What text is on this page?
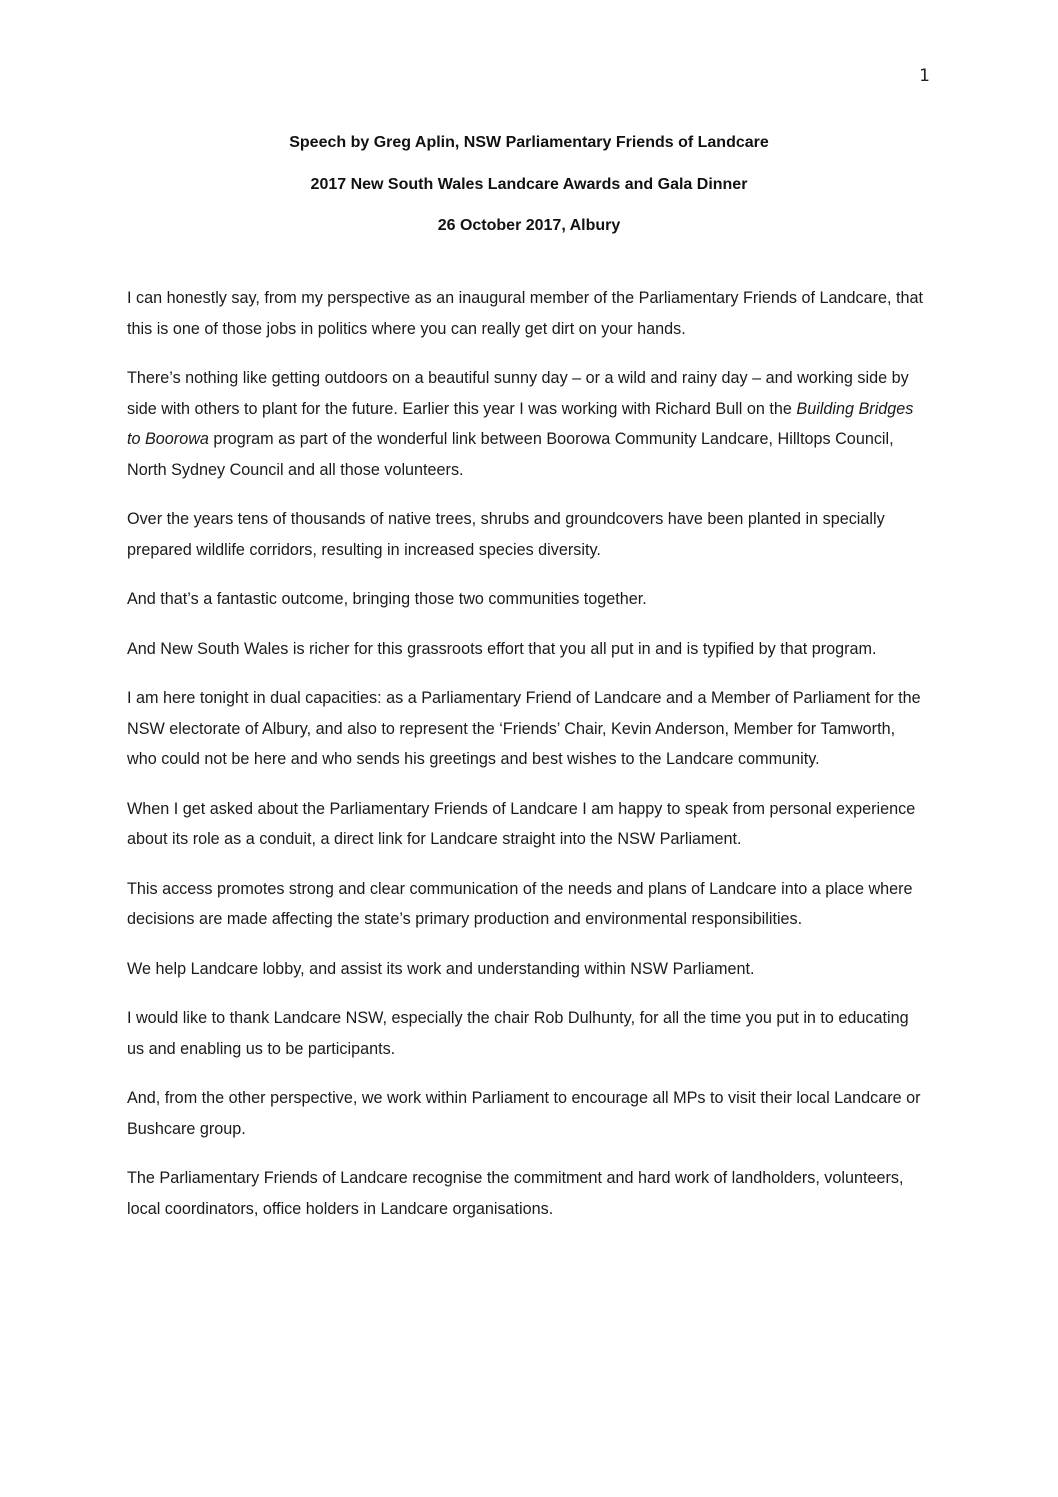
1
Speech by Greg Aplin, NSW Parliamentary Friends of Landcare
2017 New South Wales Landcare Awards and Gala Dinner
26 October 2017, Albury

I can honestly say, from my perspective as an inaugural member of the Parliamentary Friends of Landcare, that this is one of those jobs in politics where you can really get dirt on your hands.

There’s nothing like getting outdoors on a beautiful sunny day – or a wild and rainy day – and working side by side with others to plant for the future. Earlier this year I was working with Richard Bull on the Building Bridges to Boorowa program as part of the wonderful link between Boorowa Community Landcare, Hilltops Council, North Sydney Council and all those volunteers.

Over the years tens of thousands of native trees, shrubs and groundcovers have been planted in specially prepared wildlife corridors, resulting in increased species diversity.

And that’s a fantastic outcome, bringing those two communities together.

And New South Wales is richer for this grassroots effort that you all put in and is typified by that program.

I am here tonight in dual capacities: as a Parliamentary Friend of Landcare and a Member of Parliament for the NSW electorate of Albury, and also to represent the ‘Friends’ Chair, Kevin Anderson, Member for Tamworth, who could not be here and who sends his greetings and best wishes to the Landcare community.

When I get asked about the Parliamentary Friends of Landcare I am happy to speak from personal experience about its role as a conduit, a direct link for Landcare straight into the NSW Parliament.

This access promotes strong and clear communication of the needs and plans of Landcare into a place where decisions are made affecting the state’s primary production and environmental responsibilities.

We help Landcare lobby, and assist its work and understanding within NSW Parliament.

I would like to thank Landcare NSW, especially the chair Rob Dulhunty, for all the time you put in to educating us and enabling us to be participants.

And, from the other perspective, we work within Parliament to encourage all MPs to visit their local Landcare or Bushcare group.

The Parliamentary Friends of Landcare recognise the commitment and hard work of landholders, volunteers, local coordinators, office holders in Landcare organisations.
